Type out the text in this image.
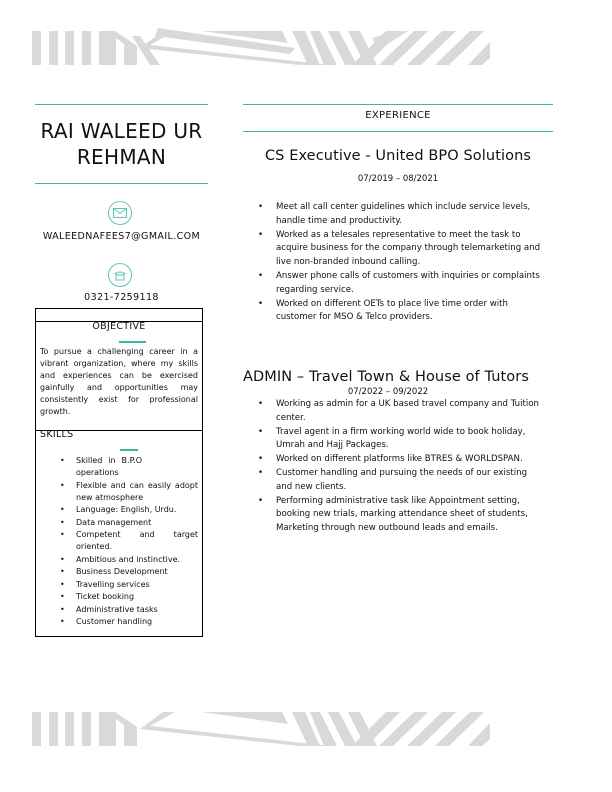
RAI WALEED UR REHMAN
WALEEDNAFEES7@GMAIL.COM
0321-7259118
OBJECTIVE
To pursue a challenging career in a vibrant organization, where my skills and experiences can be exercised gainfully and opportunities may consistently exist for professional growth.
SKILLS
• Skilled in B.P.O operations
• Flexible and can easily adopt new atmosphere
• Language: English, Urdu.
• Data management
• Competent and target oriented.
• Ambitious and instinctive.
• Business Development
• Travelling services
• Ticket booking
• Administrative tasks
• Customer handling
EXPERIENCE
CS Executive - United BPO Solutions
07/2019 – 08/2021
• Meet all call center guidelines which include service levels, handle time and productivity.
• Worked as a telesales representative to meet the task to acquire business for the company through telemarketing and live non-branded inbound calling.
• Answer phone calls of customers with inquiries or complaints regarding service.
• Worked on different OETs to place live time order with customer for MSO & Telco providers.
ADMIN – Travel Town & House of Tutors
07/2022 – 09/2022
• Working as admin for a UK based travel company and Tuition center.
• Travel agent in a firm working world wide to book holiday, Umrah and Hajj Packages.
• Worked on different platforms like BTRES & WORLDSPAN.
• Customer handling and pursuing the needs of our existing and new clients.
• Performing administrative task like Appointment setting, booking new trials, marking attendance sheet of students, Marketing through new outbound leads and emails.
